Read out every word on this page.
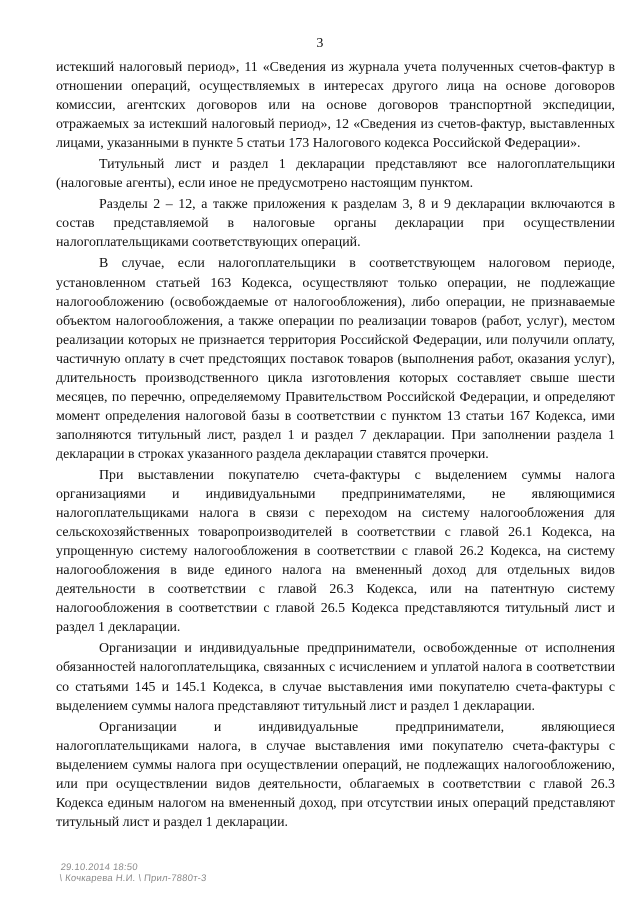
3

истекший налоговый период», 11 «Сведения из журнала учета полученных счетов-фактур в отношении операций, осуществляемых в интересах другого лица на основе договоров комиссии, агентских договоров или на основе договоров транспортной экспедиции, отражаемых за истекший налоговый период», 12 «Сведения из счетов-фактур, выставленных лицами, указанными в пункте 5 статьи 173 Налогового кодекса Российской Федерации».

Титульный лист и раздел 1 декларации представляют все налогоплательщики (налоговые агенты), если иное не предусмотрено настоящим пунктом.

Разделы 2 – 12, а также приложения к разделам 3, 8 и 9 декларации включаются в состав представляемой в налоговые органы декларации при осуществлении налогоплательщиками соответствующих операций.

В случае, если налогоплательщики в соответствующем налоговом периоде, установленном статьей 163 Кодекса, осуществляют только операции, не подлежащие налогообложению (освобождаемые от налогообложения), либо операции, не признаваемые объектом налогообложения, а также операции по реализации товаров (работ, услуг), местом реализации которых не признается территория Российской Федерации, или получили оплату, частичную оплату в счет предстоящих поставок товаров (выполнения работ, оказания услуг), длительность производственного цикла изготовления которых составляет свыше шести месяцев, по перечню, определяемому Правительством Российской Федерации, и определяют момент определения налоговой базы в соответствии с пунктом 13 статьи 167 Кодекса, ими заполняются титульный лист, раздел 1 и раздел 7 декларации. При заполнении раздела 1 декларации в строках указанного раздела декларации ставятся прочерки.

При выставлении покупателю счета-фактуры с выделением суммы налога организациями и индивидуальными предпринимателями, не являющимися налогоплательщиками налога в связи с переходом на систему налогообложения для сельскохозяйственных товаропроизводителей в соответствии с главой 26.1 Кодекса, на упрощенную систему налогообложения в соответствии с главой 26.2 Кодекса, на систему налогообложения в виде единого налога на вмененный доход для отдельных видов деятельности в соответствии с главой 26.3 Кодекса, или на патентную систему налогообложения в соответствии с главой 26.5 Кодекса представляются титульный лист и раздел 1 декларации.

Организации и индивидуальные предприниматели, освобожденные от исполнения обязанностей налогоплательщика, связанных с исчислением и уплатой налога в соответствии со статьями 145 и 145.1 Кодекса, в случае выставления ими покупателю счета-фактуры с выделением суммы налога представляют титульный лист и раздел 1 декларации.

Организации и индивидуальные предприниматели, являющиеся налогоплательщиками налога, в случае выставления ими покупателю счета-фактуры с выделением суммы налога при осуществлении операций, не подлежащих налогообложению, или при осуществлении видов деятельности, облагаемых в соответствии с главой 26.3 Кодекса единым налогом на вмененный доход, при отсутствии иных операций представляют титульный лист и раздел 1 декларации.

29.10.2014 18:50
\ Кочкарева Н.И. \ Прил-7880т-3
